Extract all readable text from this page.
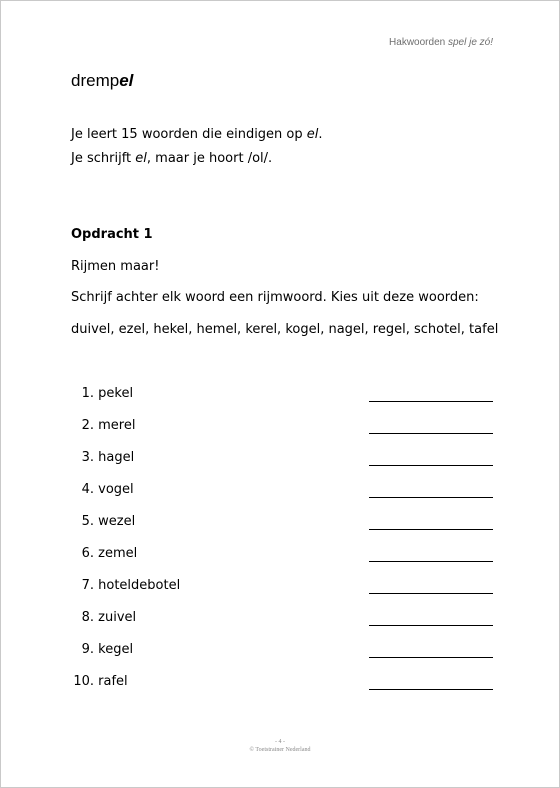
Hakwoorden spel je zó!
drempel

Je leert 15 woorden die eindigen op el.

Je schrijft el, maar je hoort /ol/.

Opdracht 1

Rijmen maar!

Schrijf achter elk woord een rijmwoord. Kies uit deze woorden:

duivel, ezel, hekel, hemel, kerel, kogel, nagel, regel, schotel, tafel

1. pekel
2. merel
3. hagel
4. vogel
5. wezel
6. zemel
7. hoteldebotel
8. zuivel
9. kegel
10. rafel
- 4 -
© Toetstrainer Nederland
